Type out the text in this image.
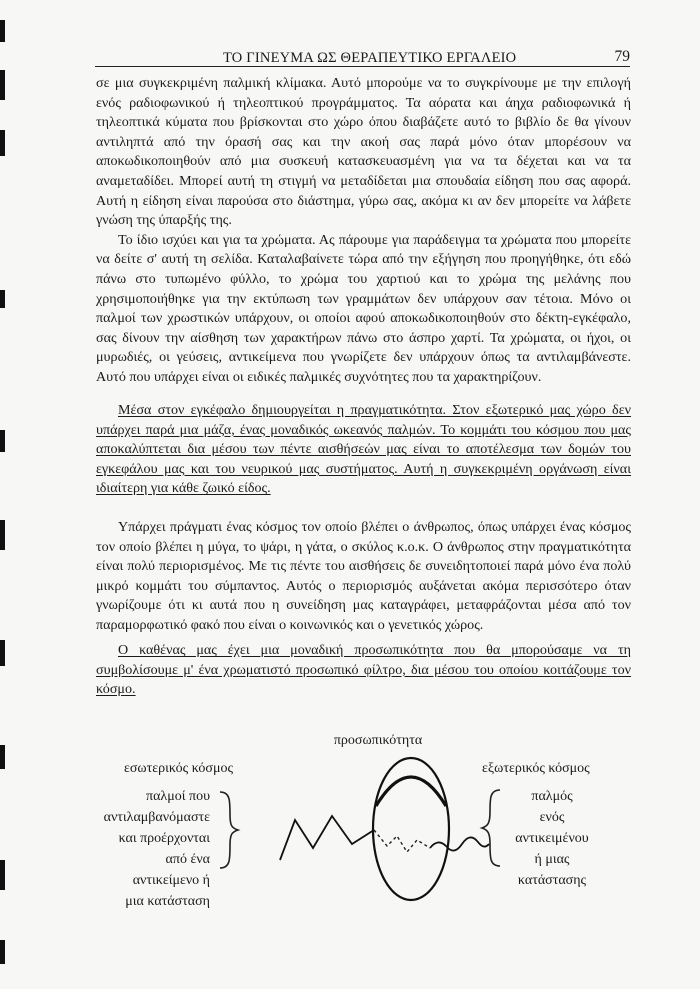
ΤΟ ΓΙΝΕΥΜΑ ΩΣ ΘΕΡΑΠΕΥΤΙΚΟ ΕΡΓΑΛΕΙΟ	79

σε μια συγκεκριμένη παλμική κλίμακα. Αυτό μπορούμε να το συγκρίνουμε με την επιλογή ενός ραδιοφωνικού ή τηλεοπτικού προγράμματος. Τα αόρατα και άηχα ραδιοφωνικά ή τηλεοπτικά κύματα που βρίσκονται στο χώρο όπου διαβάζετε αυτό το βιβλίο δε θα γίνουν αντιληπτά από την όρασή σας και την ακοή σας παρά μόνο όταν μπορέσουν να αποκωδικοποιηθούν από μια συσκευή κατασκευασμένη για να τα δέχεται και να τα αναμεταδίδει. Μπορεί αυτή τη στιγμή να μεταδίδεται μια σπουδαία είδηση που σας αφορά. Αυτή η είδηση είναι παρούσα στο διάστημα, γύρω σας, ακόμα κι αν δεν μπορείτε να λάβετε γνώση της ύπαρξής της.

Το ίδιο ισχύει και για τα χρώματα. Ας πάρουμε για παράδειγμα τα χρώματα που μπορείτε να δείτε σ' αυτή τη σελίδα. Καταλαβαίνετε τώρα από την εξήγηση που προηγήθηκε, ότι εδώ πάνω στο τυπωμένο φύλλο, το χρώμα του χαρτιού και το χρώμα της μελάνης που χρησιμοποιήθηκε για την εκτύπωση των γραμμάτων δεν υπάρχουν σαν τέτοια. Μόνο οι παλμοί των χρωστικών υπάρχουν, οι οποίοι αφού αποκωδικοποιηθούν στο δέκτη-εγκέφαλο, σας δίνουν την αίσθηση των χαρακτήρων πάνω στο άσπρο χαρτί. Τα χρώματα, οι ήχοι, οι μυρωδιές, οι γεύσεις, αντικείμενα που γνωρίζετε δεν υπάρχουν όπως τα αντιλαμβάνεστε. Αυτό που υπάρχει είναι οι ειδικές παλμικές συχνότητες που τα χαρακτηρίζουν.

Μέσα στον εγκέφαλο δημιουργείται η πραγματικότητα. Στον εξωτερικό μας χώρο δεν υπάρχει παρά μια μάζα, ένας μοναδικός ωκεανός παλμών. Το κομμάτι του κόσμου που μας αποκαλύπτεται δια μέσου των πέντε αισθήσεών μας είναι το αποτέλεσμα των δομών του εγκεφάλου μας και του νευρικού μας συστήματος. Αυτή η συγκεκριμένη οργάνωση είναι ιδιαίτερη για κάθε ζωικό είδος.

Υπάρχει πράγματι ένας κόσμος τον οποίο βλέπει ο άνθρωπος, όπως υπάρχει ένας κόσμος τον οποίο βλέπει η μύγα, το ψάρι, η γάτα, ο σκύλος κ.ο.κ. Ο άνθρωπος στην πραγματικότητα είναι πολύ περιορισμένος. Με τις πέντε του αισθήσεις δε συνειδητοποιεί παρά μόνο ένα πολύ μικρό κομμάτι του σύμπαντος. Αυτός ο περιορισμός αυξάνεται ακόμα περισσότερο όταν γνωρίζουμε ότι κι αυτά που η συνείδηση μας καταγράφει, μεταφράζονται μέσα από τον παραμορφωτικό φακό που είναι ο κοινωνικός και ο γενετικός χώρος.

Ο καθένας μας έχει μια μοναδική προσωπικότητα που θα μπορούσαμε να τη συμβολίσουμε μ' ένα χρωματιστό προσωπικό φίλτρο, δια μέσου του οποίου κοιτάζουμε τον κόσμο.

προσωπικότητα
εσωτερικός κόσμος	εξωτερικός κόσμος
παλμοί που
αντιλαμβανόμαστε
και προέρχονται
από ένα
αντικείμενο ή
μια κατάσταση
παλμός
ενός
αντικειμένου
ή μιας
κατάστασης
